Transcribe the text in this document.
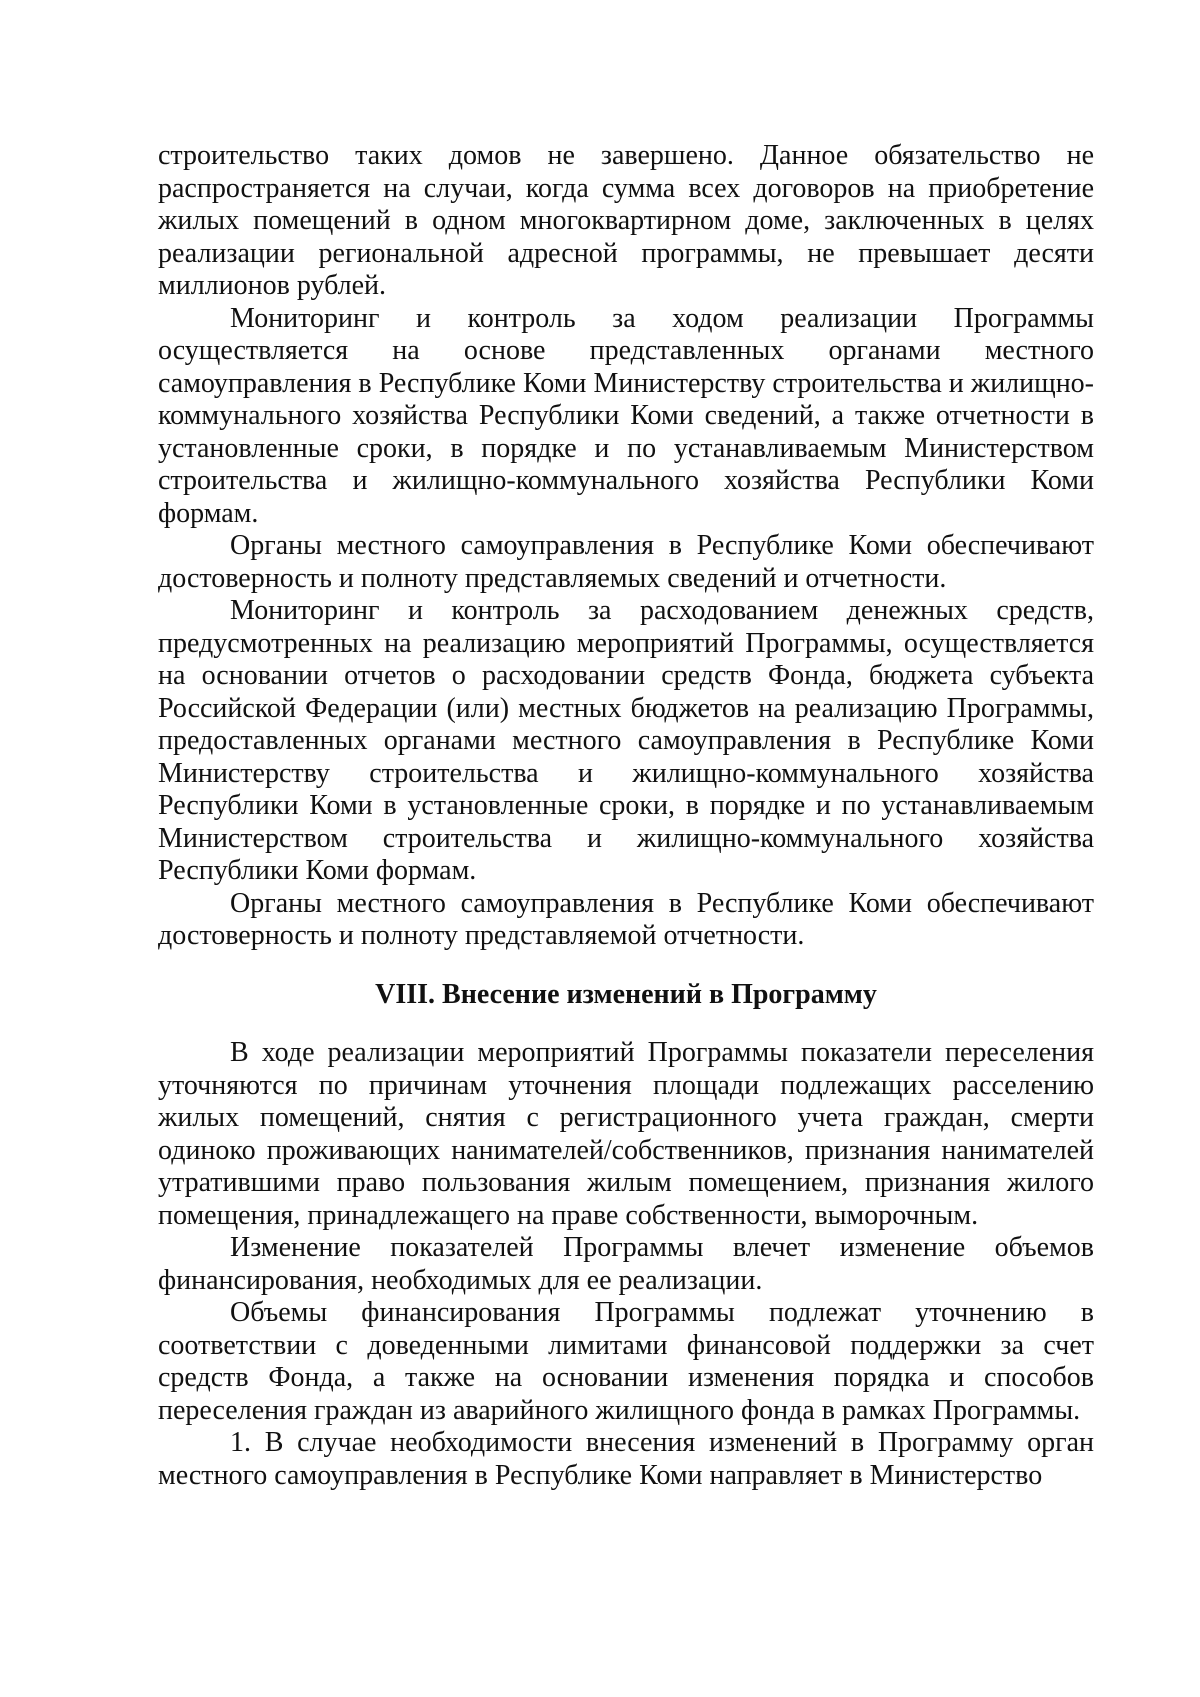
строительство таких домов не завершено. Данное обязательство не распространяется на случаи, когда сумма всех договоров на приобретение жилых помещений в одном многоквартирном доме, заключенных в целях реализации региональной адресной программы, не превышает десяти миллионов рублей.

Мониторинг и контроль за ходом реализации Программы осуществляется на основе представленных органами местного самоуправления в Республике Коми Министерству строительства и жилищно-коммунального хозяйства Республики Коми сведений, а также отчетности в установленные сроки, в порядке и по устанавливаемым Министерством строительства и жилищно-коммунального хозяйства Республики Коми формам.

Органы местного самоуправления в Республике Коми обеспечивают достоверность и полноту представляемых сведений и отчетности.

Мониторинг и контроль за расходованием денежных средств, предусмотренных на реализацию мероприятий Программы, осуществляется на основании отчетов о расходовании средств Фонда, бюджета субъекта Российской Федерации (или) местных бюджетов на реализацию Программы, предоставленных органами местного самоуправления в Республике Коми Министерству строительства и жилищно-коммунального хозяйства Республики Коми в установленные сроки, в порядке и по устанавливаемым Министерством строительства и жилищно-коммунального хозяйства Республики Коми формам.

Органы местного самоуправления в Республике Коми обеспечивают достоверность и полноту представляемой отчетности.

VIII. Внесение изменений в Программу

В ходе реализации мероприятий Программы показатели переселения уточняются по причинам уточнения площади подлежащих расселению жилых помещений, снятия с регистрационного учета граждан, смерти одиноко проживающих нанимателей/собственников, признания нанимателей утратившими право пользования жилым помещением, признания жилого помещения, принадлежащего на праве собственности, выморочным.

Изменение показателей Программы влечет изменение объемов финансирования, необходимых для ее реализации.

Объемы финансирования Программы подлежат уточнению в соответствии с доведенными лимитами финансовой поддержки за счет средств Фонда, а также на основании изменения порядка и способов переселения граждан из аварийного жилищного фонда в рамках Программы.

1. В случае необходимости внесения изменений в Программу орган местного самоуправления в Республике Коми направляет в Министерство
